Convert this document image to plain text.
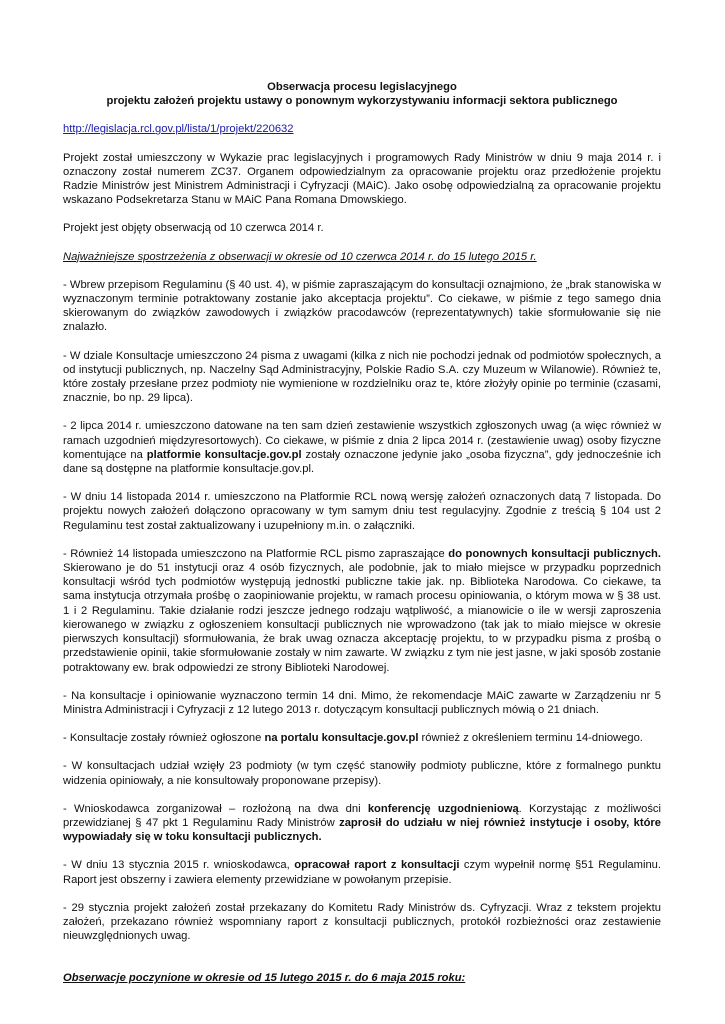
Obserwacja procesu legislacyjnego

projektu założeń projektu ustawy o ponownym wykorzystywaniu informacji sektora publicznego

http://legislacja.rcl.gov.pl/lista/1/projekt/220632

Projekt został umieszczony w Wykazie prac legislacyjnych i programowych Rady Ministrów w dniu 9 maja 2014 r. i oznaczony został numerem ZC37. Organem odpowiedzialnym za opracowanie projektu oraz przedłożenie projektu Radzie Ministrów jest Ministrem Administracji i Cyfryzacji (MAiC). Jako osobę odpowiedzialną za opracowanie projektu wskazano Podsekretarza Stanu w MAiC Pana Romana Dmowskiego.

Projekt jest objęty obserwacją od 10 czerwca 2014 r.

Najważniejsze spostrzeżenia z obserwacji w okresie od 10 czerwca 2014 r. do 15 lutego 2015 r.

- Wbrew przepisom Regulaminu (§ 40 ust. 4), w piśmie zapraszającym do konsultacji oznajmiono, że „brak stanowiska w wyznaczonym terminie potraktowany zostanie jako akceptacja projektu”. Co ciekawe, w piśmie z tego samego dnia skierowanym do związków zawodowych i związków pracodawców (reprezentatywnych) takie sformułowanie się nie znalazło.

- W dziale Konsultacje umieszczono 24 pisma z uwagami (kilka z nich nie pochodzi jednak od podmiotów społecznych, a od instytucji publicznych, np. Naczelny Sąd Administracyjny, Polskie Radio S.A. czy Muzeum w Wilanowie). Również te, które zostały przesłane przez podmioty nie wymienione w rozdzielniku oraz te, które złożyły opinie po terminie (czasami, znacznie, bo np. 29 lipca).

- 2 lipca 2014 r. umieszczono datowane na ten sam dzień zestawienie wszystkich zgłoszonych uwag (a więc również w ramach uzgodnień międzyresortowych). Co ciekawe, w piśmie z dnia 2 lipca 2014 r. (zestawienie uwag) osoby fizyczne komentujące na platformie konsultacje.gov.pl zostały oznaczone jedynie jako „osoba fizyczna”, gdy jednocześnie ich dane są dostępne na platformie konsultacje.gov.pl.

- W dniu 14 listopada 2014 r. umieszczono na Platformie RCL nową wersję założeń oznaczonych datą 7 listopada. Do projektu nowych założeń dołączono opracowany w tym samym dniu test regulacyjny. Zgodnie z treścią § 104 ust 2 Regulaminu test został zaktualizowany i uzupełniony m.in. o załączniki.

- Również 14 listopada umieszczono na Platformie RCL pismo zapraszające do ponownych konsultacji publicznych. Skierowano je do 51 instytucji oraz 4 osób fizycznych, ale podobnie, jak to miało miejsce w przypadku poprzednich konsultacji wśród tych podmiotów występują jednostki publiczne takie jak. np. Biblioteka Narodowa. Co ciekawe, ta sama instytucja otrzymała prośbę o zaopiniowanie projektu, w ramach procesu opiniowania, o którym mowa w § 38 ust. 1 i 2 Regulaminu. Takie działanie rodzi jeszcze jednego rodzaju wątpliwość, a mianowicie o ile w wersji zaproszenia kierowanego w związku z ogłoszeniem konsultacji publicznych nie wprowadzono (tak jak to miało miejsce w okresie pierwszych konsultacji) sformułowania, że brak uwag oznacza akceptację projektu, to w przypadku pisma z prośbą o przedstawienie opinii, takie sformułowanie zostały w nim zawarte. W związku z tym nie jest jasne, w jaki sposób zostanie potraktowany ew. brak odpowiedzi ze strony Biblioteki Narodowej.

- Na konsultacje i opiniowanie wyznaczono termin 14 dni. Mimo, że rekomendacje MAiC zawarte w Zarządzeniu nr 5 Ministra Administracji i Cyfryzacji z 12 lutego 2013 r. dotyczącym konsultacji publicznych mówią o 21 dniach.

- Konsultacje zostały również ogłoszone na portalu konsultacje.gov.pl również z określeniem terminu 14-dniowego.

- W konsultacjach udział wzięły 23 podmioty (w tym część stanowiły podmioty publiczne, które z formalnego punktu widzenia opiniowały, a nie konsultowały proponowane przepisy).

- Wnioskodawca zorganizował – rozłożoną na dwa dni konferencję uzgodnieniową. Korzystając z możliwości przewidzianej § 47 pkt 1 Regulaminu Rady Ministrów zaprosił do udziału w niej również instytucje i osoby, które wypowiadały się w toku konsultacji publicznych.

- W dniu 13 stycznia 2015 r. wnioskodawca, opracował raport z konsultacji czym wypełnił normę §51 Regulaminu. Raport jest obszerny i zawiera elementy przewidziane w powołanym przepisie.

- 29 stycznia projekt założeń został przekazany do Komitetu Rady Ministrów ds. Cyfryzacji. Wraz z tekstem projektu założeń, przekazano również wspomniany raport z konsultacji publicznych, protokół rozbieżności oraz zestawienie nieuwzględnionych uwag.

Obserwacje poczynione w okresie od 15 lutego 2015 r. do 6 maja 2015 roku:
